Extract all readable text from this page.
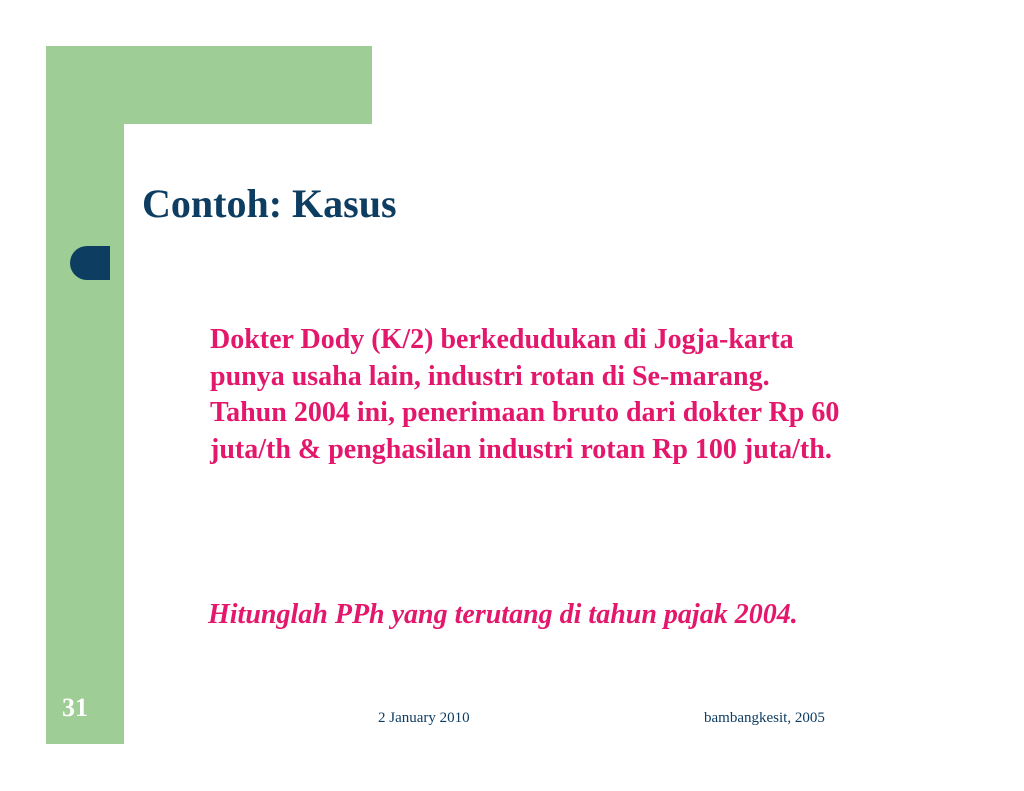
Contoh: Kasus

Dokter Dody (K/2) berkedudukan di Jogja-karta punya usaha lain, industri rotan di Se-marang. Tahun 2004 ini, penerimaan bruto dari dokter Rp 60 juta/th & penghasilan industri rotan Rp 100 juta/th.

Hitunglah PPh yang terutang di tahun pajak 2004.

31	2 January 2010	bambangkesit, 2005
